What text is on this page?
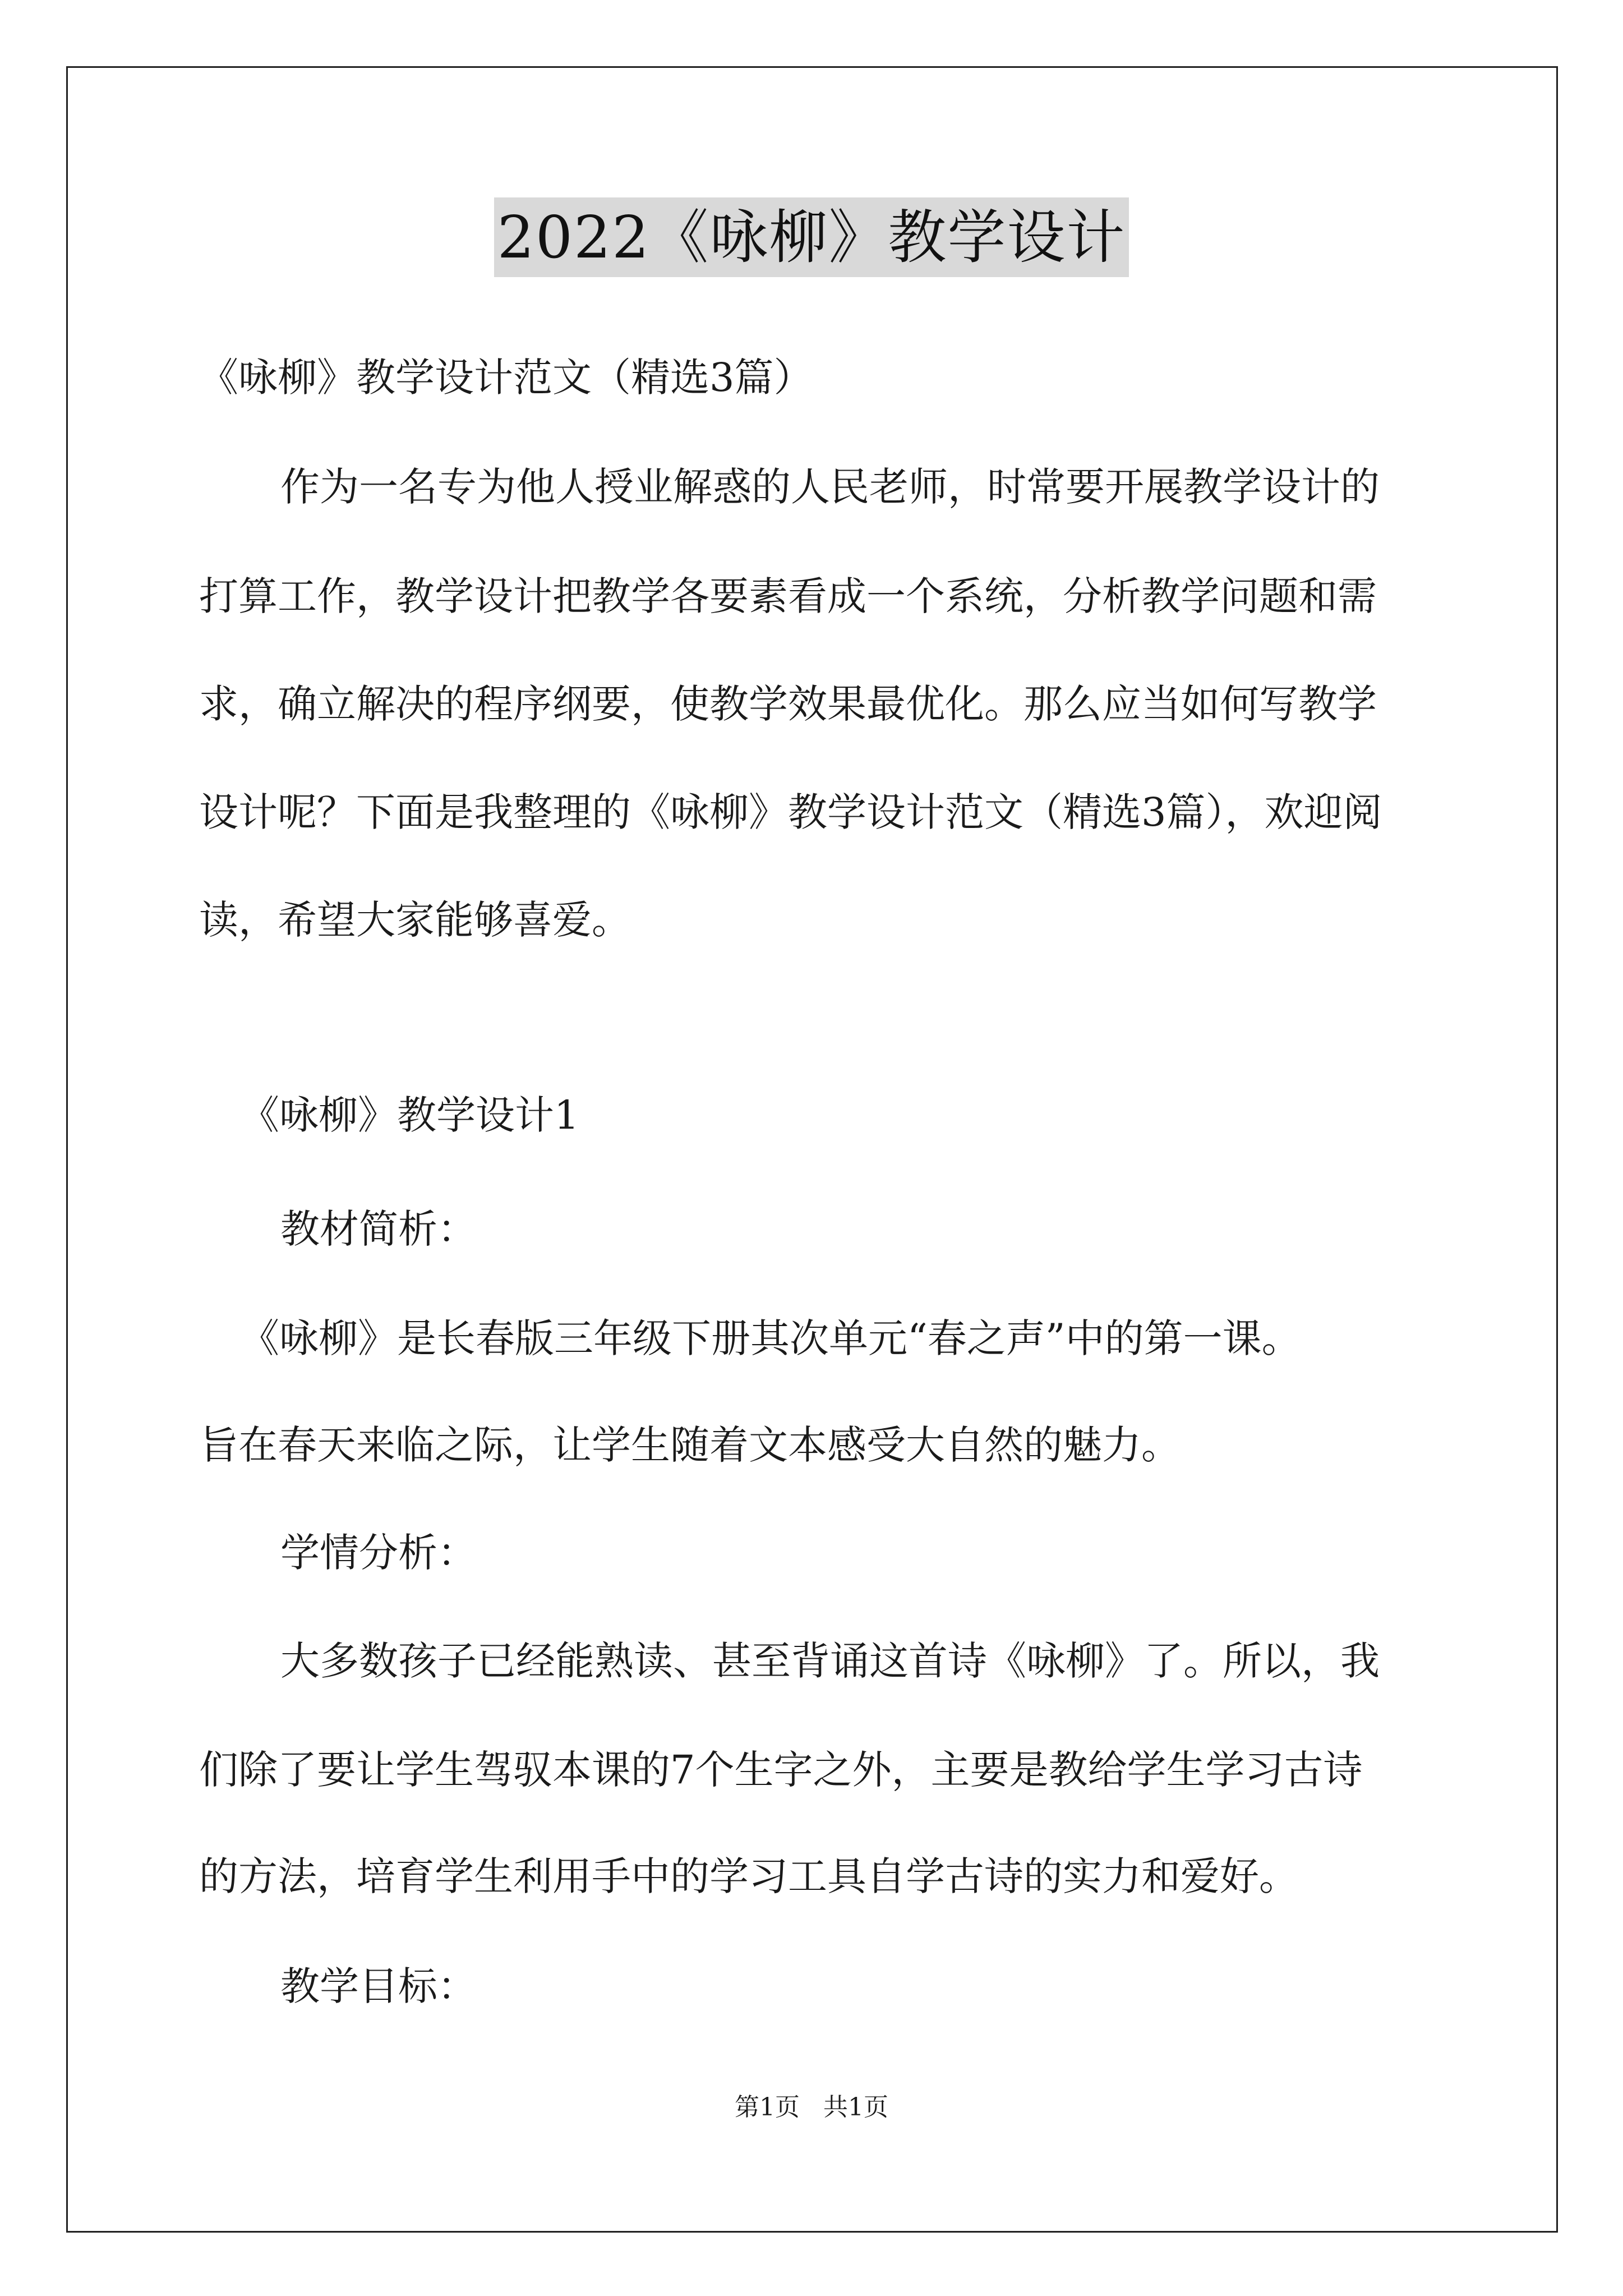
2022《咏柳》教学设计
《咏柳》教学设计范文（精选3篇）
作为一名专为他人授业解惑的人民老师，时常要开展教学设计的
打算工作，教学设计把教学各要素看成一个系统，分析教学问题和需
求，确立解决的程序纲要，使教学效果最优化。那么应当如何写教学
设计呢？下面是我整理的《咏柳》教学设计范文（精选3篇），欢迎阅
读，希望大家能够喜爱。
《咏柳》教学设计1
教材简析：
《咏柳》是长春版三年级下册其次单元“春之声”中的第一课。
旨在春天来临之际，让学生随着文本感受大自然的魅力。
学情分析：
大多数孩子已经能熟读、甚至背诵这首诗《咏柳》了。所以，我
们除了要让学生驾驭本课的7个生字之外，主要是教给学生学习古诗
的方法，培育学生利用手中的学习工具自学古诗的实力和爱好。
教学目标：
第1页   共1页
